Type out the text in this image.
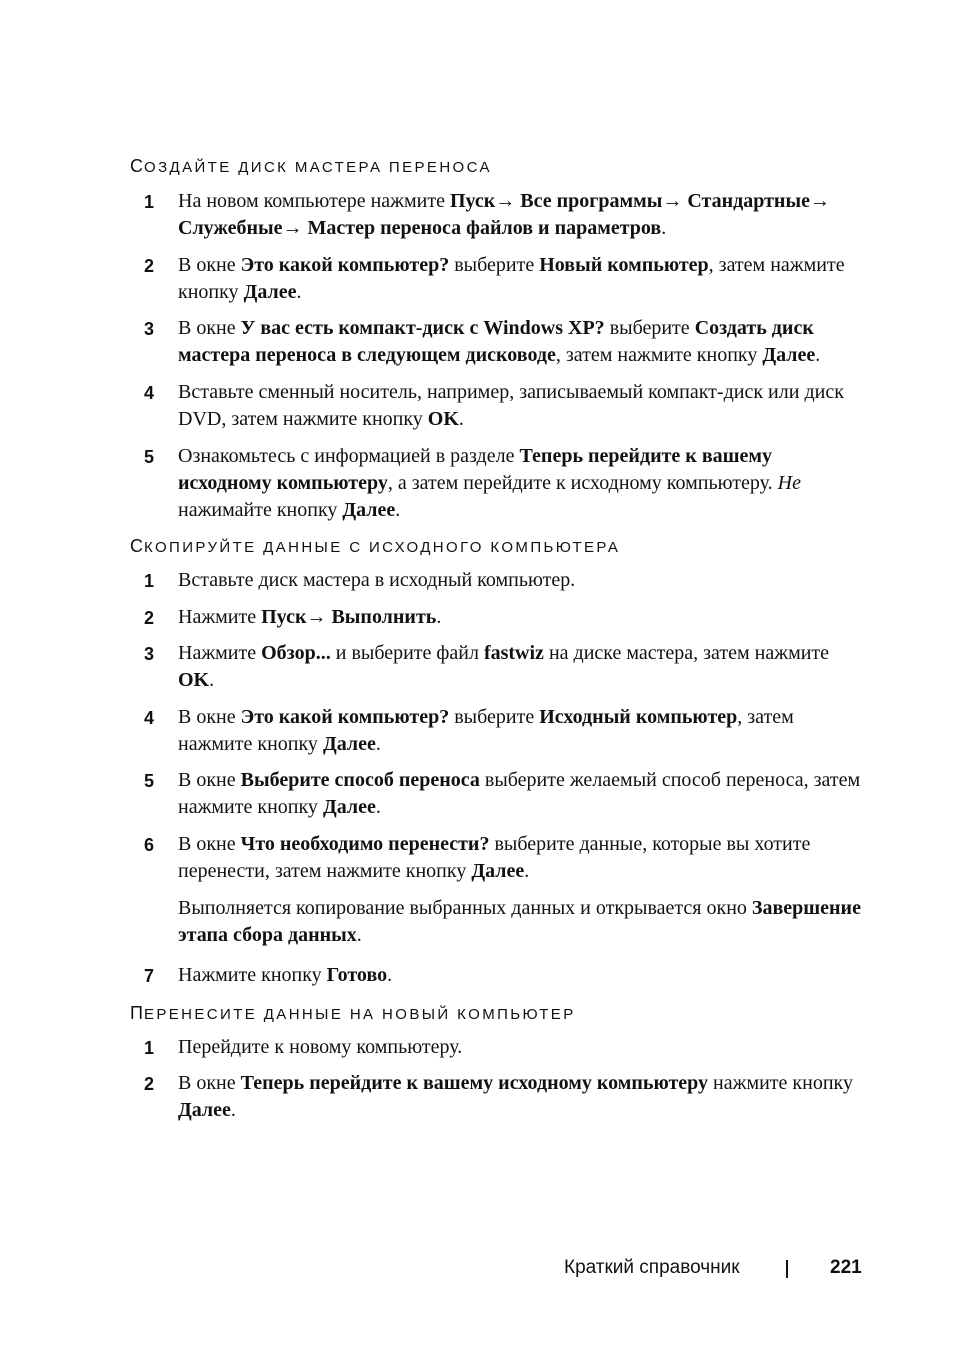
СОЗДАЙТЕ ДИСК МАСТЕРА ПЕРЕНОСА
1 На новом компьютере нажмите Пуск→ Все программы→ Стандартные→ Служебные→ Мастер переноса файлов и параметров.
2 В окне Это какой компьютер? выберите Новый компьютер, затем нажмите кнопку Далее.
3 В окне У вас есть компакт-диск с Windows XP? выберите Создать диск мастера переноса в следующем дисководе, затем нажмите кнопку Далее.
4 Вставьте сменный носитель, например, записываемый компакт-диск или диск DVD, затем нажмите кнопку OK.
5 Ознакомьтесь с информацией в разделе Теперь перейдите к вашему исходному компьютеру, а затем перейдите к исходному компьютеру. Не нажимайте кнопку Далее.
СКОПИРУЙТЕ ДАННЫЕ С ИСХОДНОГО КОМПЬЮТЕРА
1 Вставьте диск мастера в исходный компьютер.
2 Нажмите Пуск→ Выполнить.
3 Нажмите Обзор... и выберите файл fastwiz на диске мастера, затем нажмите OK.
4 В окне Это какой компьютер? выберите Исходный компьютер, затем нажмите кнопку Далее.
5 В окне Выберите способ переноса выберите желаемый способ переноса, затем нажмите кнопку Далее.
6 В окне Что необходимо перенести? выберите данные, которые вы хотите перенести, затем нажмите кнопку Далее.
Выполняется копирование выбранных данных и открывается окно Завершение этапа сбора данных.
7 Нажмите кнопку Готово.
ПЕРЕНЕСИТЕ ДАННЫЕ НА НОВЫЙ КОМПЬЮТЕР
1 Перейдите к новому компьютеру.
2 В окне Теперь перейдите к вашему исходному компьютеру нажмите кнопку Далее.
Краткий справочник	221
